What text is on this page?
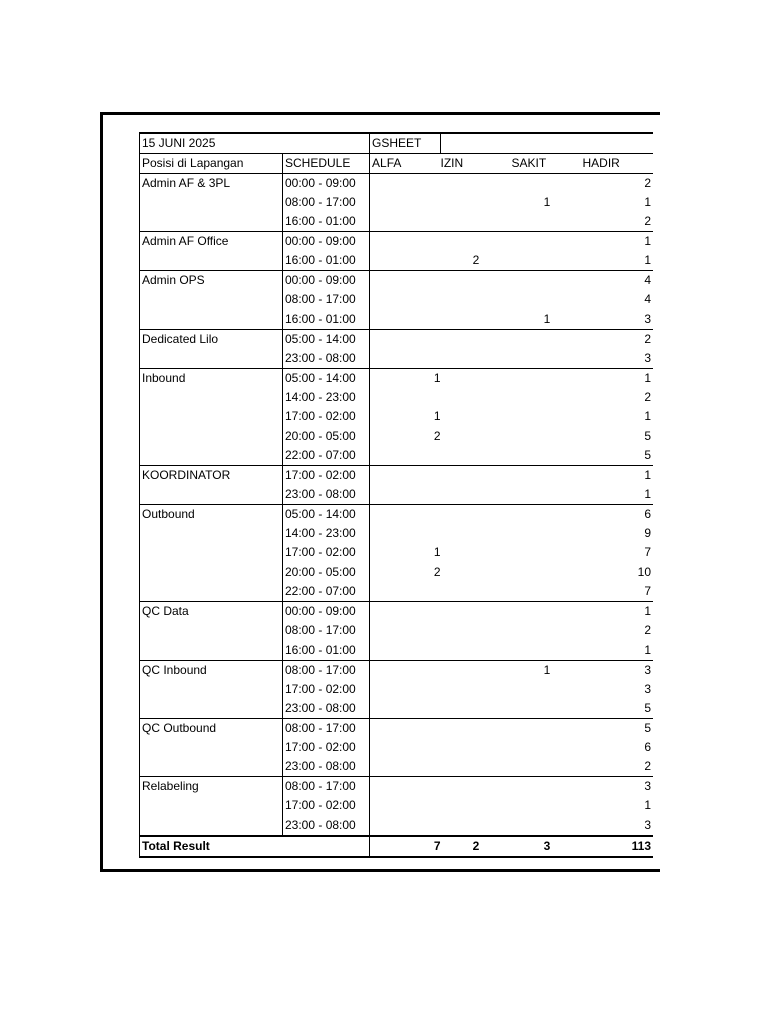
15 JUNI 2025		GSHEET			
Posisi di Lapangan	SCHEDULE	ALFA	IZIN	SAKIT	HADIR
Admin AF & 3PL	00:00 - 09:00				2
	08:00 - 17:00			1	1
	16:00 - 01:00				2
Admin AF Office	00:00 - 09:00				1
	16:00 - 01:00		2		1
Admin OPS	00:00 - 09:00				4
	08:00 - 17:00				4
	16:00 - 01:00			1	3
Dedicated Lilo	05:00 - 14:00				2
	23:00 - 08:00				3
Inbound	05:00 - 14:00	1			1
	14:00 - 23:00				2
	17:00 - 02:00	1			1
	20:00 - 05:00	2			5
	22:00 - 07:00				5
KOORDINATOR	17:00 - 02:00				1
	23:00 - 08:00				1
Outbound	05:00 - 14:00				6
	14:00 - 23:00				9
	17:00 - 02:00	1			7
	20:00 - 05:00	2			10
	22:00 - 07:00				7
QC Data	00:00 - 09:00				1
	08:00 - 17:00				2
	16:00 - 01:00				1
QC Inbound	08:00 - 17:00			1	3
	17:00 - 02:00				3
	23:00 - 08:00				5
QC Outbound	08:00 - 17:00				5
	17:00 - 02:00				6
	23:00 - 08:00				2
Relabeling	08:00 - 17:00				3
	17:00 - 02:00				1
	23:00 - 08:00				3
Total Result		7	2	3	113
